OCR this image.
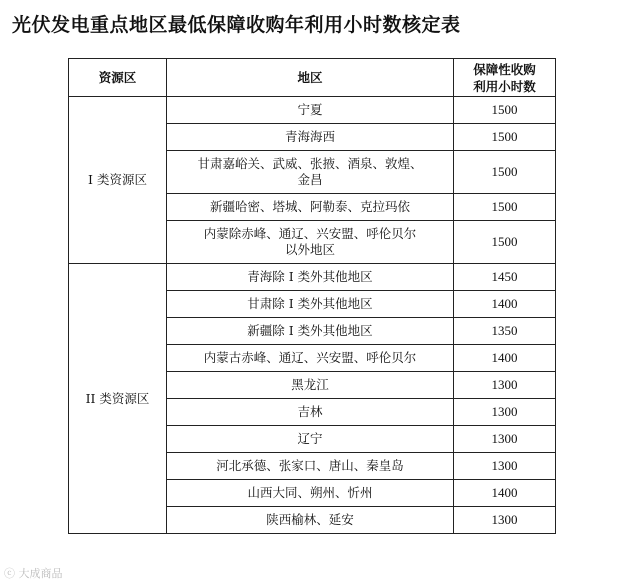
光伏发电重点地区最低保障收购年利用小时数核定表
资源区	地区	保障性收购
利用小时数

I 类资源区	宁夏	1500

	青海海西	1500

	甘肃嘉峪关、武威、张掖、酒泉、敦煌、
金昌	1500

	新疆哈密、塔城、阿勒泰、克拉玛依	1500

	内蒙除赤峰、通辽、兴安盟、呼伦贝尔
以外地区	1500
II 类资源区	青海除 I 类外其他地区	1450

	甘肃除 I 类外其他地区	1400

	新疆除 I 类外其他地区	1350

	内蒙古赤峰、通辽、兴安盟、呼伦贝尔	1400

	黑龙江	1300

	吉林	1300

	辽宁	1300

	河北承德、张家口、唐山、秦皇岛	1300

	山西大同、朔州、忻州	1400

	陕西榆林、延安	1300
ⓒ 大成商品
